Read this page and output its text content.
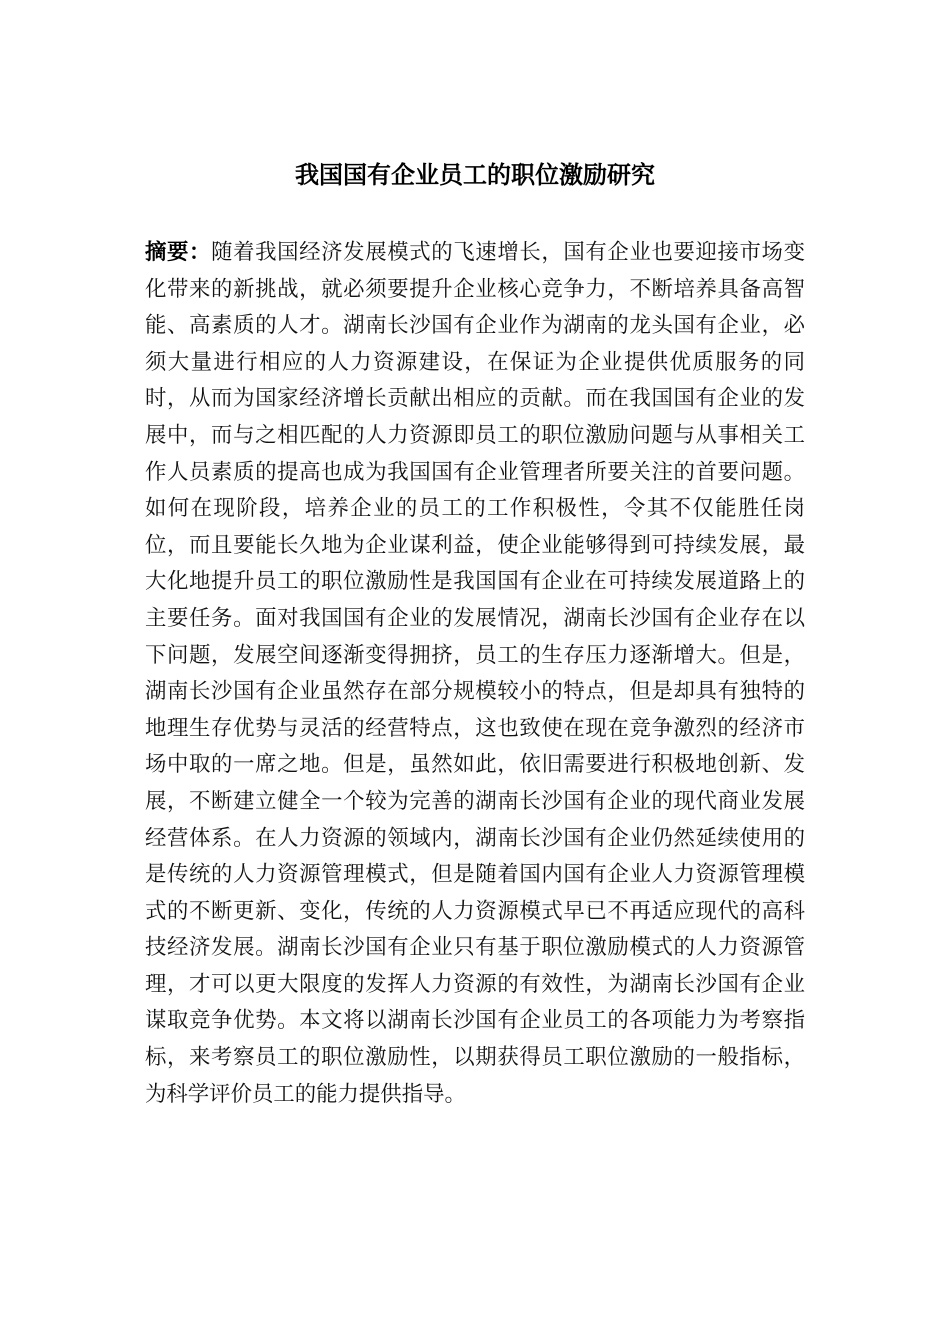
我国国有企业员工的职位激励研究

摘要：随着我国经济发展模式的飞速增长，国有企业也要迎接市场变化带来的新挑战，就必须要提升企业核心竞争力，不断培养具备高智能、高素质的人才。湖南长沙国有企业作为湖南的龙头国有企业，必须大量进行相应的人力资源建设，在保证为企业提供优质服务的同时，从而为国家经济增长贡献出相应的贡献。而在我国国有企业的发展中，而与之相匹配的人力资源即员工的职位激励问题与从事相关工作人员素质的提高也成为我国国有企业管理者所要关注的首要问题。如何在现阶段，培养企业的员工的工作积极性，令其不仅能胜任岗位，而且要能长久地为企业谋利益，使企业能够得到可持续发展，最大化地提升员工的职位激励性是我国国有企业在可持续发展道路上的主要任务。面对我国国有企业的发展情况，湖南长沙国有企业存在以下问题，发展空间逐渐变得拥挤，员工的生存压力逐渐增大。但是，湖南长沙国有企业虽然存在部分规模较小的特点，但是却具有独特的地理生存优势与灵活的经营特点，这也致使在现在竞争激烈的经济市场中取的一席之地。但是，虽然如此，依旧需要进行积极地创新、发展，不断建立健全一个较为完善的湖南长沙国有企业的现代商业发展经营体系。在人力资源的领域内，湖南长沙国有企业仍然延续使用的是传统的人力资源管理模式，但是随着国内国有企业人力资源管理模式的不断更新、变化，传统的人力资源模式早已不再适应现代的高科技经济发展。湖南长沙国有企业只有基于职位激励模式的人力资源管理，才可以更大限度的发挥人力资源的有效性，为湖南长沙国有企业谋取竞争优势。本文将以湖南长沙国有企业员工的各项能力为考察指标，来考察员工的职位激励性，以期获得员工职位激励的一般指标，为科学评价员工的能力提供指导。
